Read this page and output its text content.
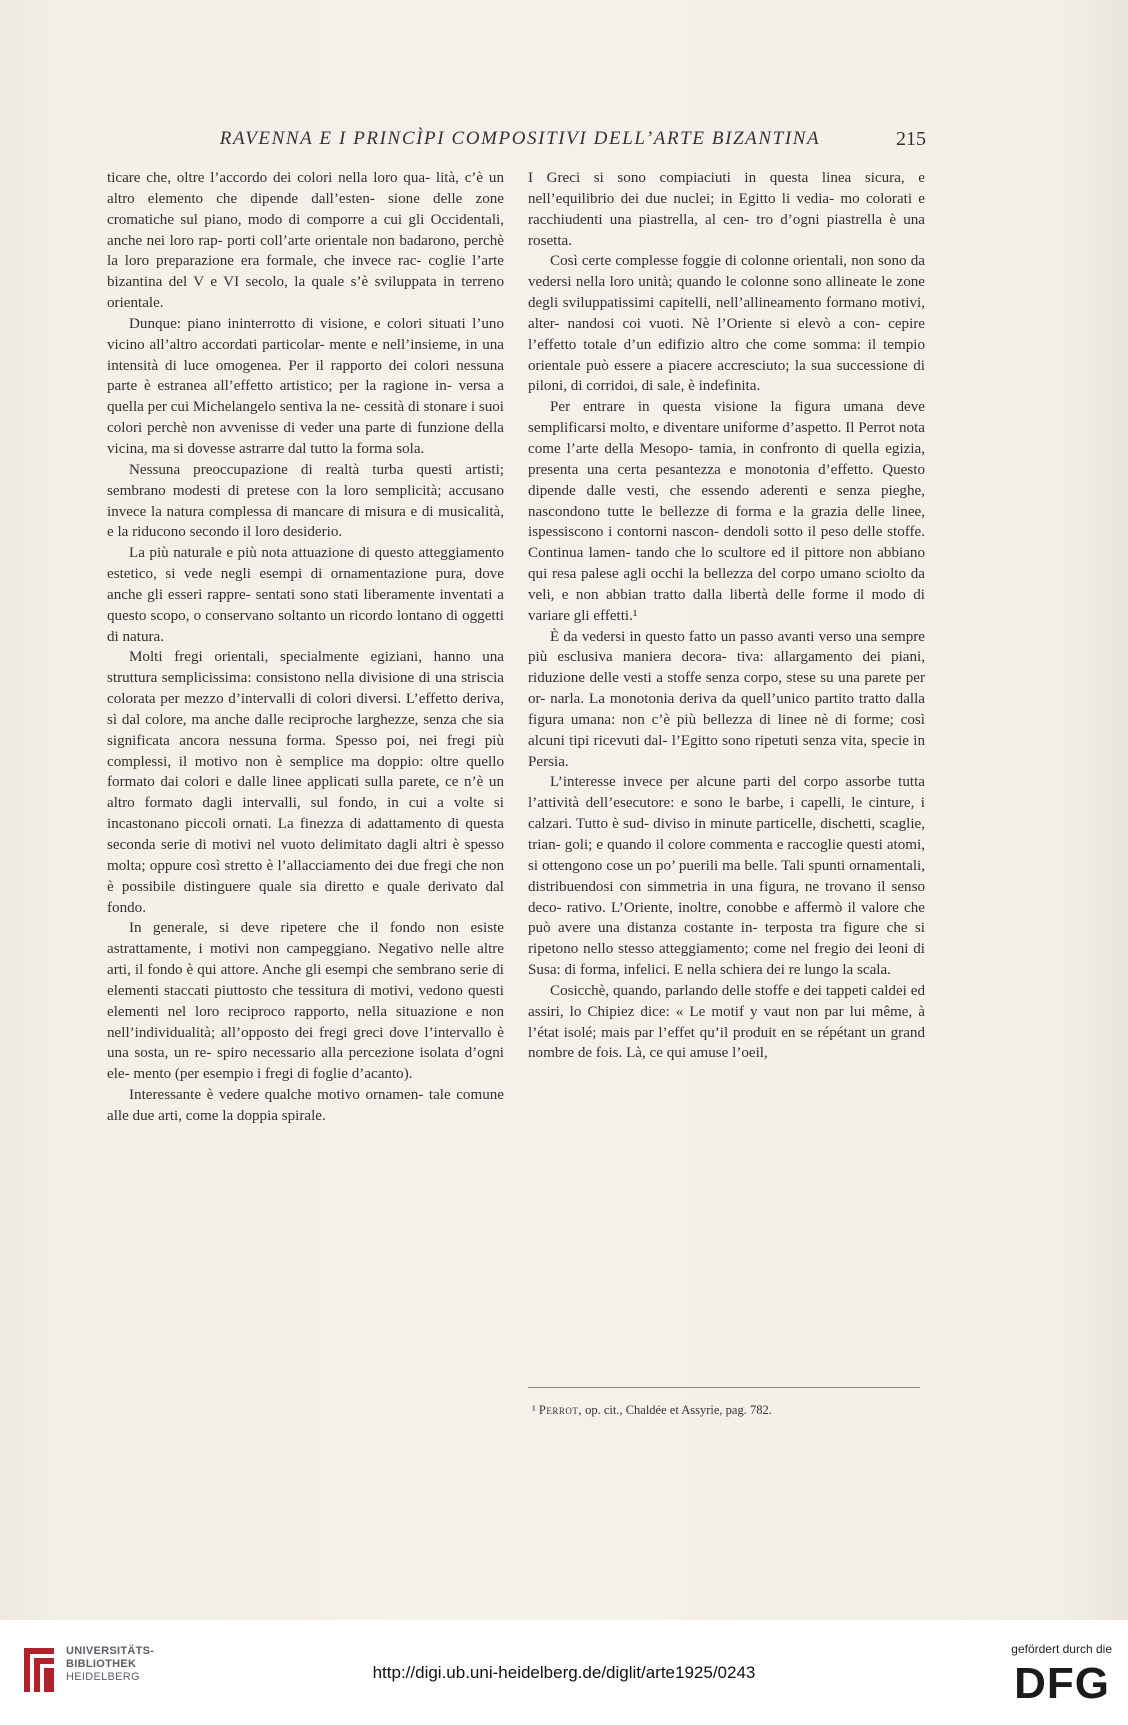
RAVENNA E I PRINCÌPI COMPOSITIVI DELL’ARTE BIZANTINA	215

ticare che, oltre l’accordo dei colori nella loro qua- lità, c’è un altro elemento che dipende dall’esten- sione delle zone cromatiche sul piano, modo di comporre a cui gli Occidentali, anche nei loro rap- porti coll’arte orientale non badarono, perchè la loro preparazione era formale, che invece rac- coglie l’arte bizantina del V e VI secolo, la quale s’è sviluppata in terreno orientale.

Dunque: piano ininterrotto di visione, e colori situati l’uno vicino all’altro accordati particolar- mente e nell’insieme, in una intensità di luce omogenea. Per il rapporto dei colori nessuna parte è estranea all’effetto artistico; per la ragione in- versa a quella per cui Michelangelo sentiva la ne- cessità di stonare i suoi colori perchè non avvenisse di veder una parte di funzione della vicina, ma si dovesse astrarre dal tutto la forma sola.

Nessuna preoccupazione di realtà turba questi artisti; sembrano modesti di pretese con la loro semplicità; accusano invece la natura complessa di mancare di misura e di musicalità, e la riducono secondo il loro desiderio.

La più naturale e più nota attuazione di questo atteggiamento estetico, si vede negli esempi di ornamentazione pura, dove anche gli esseri rappre- sentati sono stati liberamente inventati a questo scopo, o conservano soltanto un ricordo lontano di oggetti di natura.

Molti fregi orientali, specialmente egiziani, hanno una struttura semplicissima: consistono nella divisione di una striscia colorata per mezzo d’intervalli di colori diversi. L’effetto deriva, sì dal colore, ma anche dalle reciproche larghezze, senza che sia significata ancora nessuna forma. Spesso poi, nei fregi più complessi, il motivo non è semplice ma doppio: oltre quello formato dai colori e dalle linee applicati sulla parete, ce n’è un altro formato dagli intervalli, sul fondo, in cui a volte si incastonano piccoli ornati. La finezza di adattamento di questa seconda serie di motivi nel vuoto delimitato dagli altri è spesso molta; oppure così stretto è l’allacciamento dei due fregi che non è possibile distinguere quale sia diretto e quale derivato dal fondo.

In generale, si deve ripetere che il fondo non esiste astrattamente, i motivi non campeggiano. Negativo nelle altre arti, il fondo è qui attore. Anche gli esempi che sembrano serie di elementi staccati piuttosto che tessitura di motivi, vedono questi elementi nel loro reciproco rapporto, nella situazione e non nell’individualità; all’opposto dei fregi greci dove l’intervallo è una sosta, un re- spiro necessario alla percezione isolata d’ogni ele- mento (per esempio i fregi di foglie d’acanto).

Interessante è vedere qualche motivo ornamen- tale comune alle due arti, come la doppia spirale.

I Greci si sono compiaciuti in questa linea sicura, e nell’equilibrio dei due nuclei; in Egitto li vedia- mo colorati e racchiudenti una piastrella, al cen- tro d’ogni piastrella è una rosetta.

Così certe complesse foggie di colonne orientali, non sono da vedersi nella loro unità; quando le colonne sono allineate le zone degli sviluppatissimi capitelli, nell’allineamento formano motivi, alter- nandosi coi vuoti. Nè l’Oriente si elevò a con- cepire l’effetto totale d’un edifizio altro che come somma: il tempio orientale può essere a piacere accresciuto; la sua successione di piloni, di corridoi, di sale, è indefinita.

Per entrare in questa visione la figura umana deve semplificarsi molto, e diventare uniforme d’aspetto. Il Perrot nota come l’arte della Mesopo- tamia, in confronto di quella egizia, presenta una certa pesantezza e monotonia d’effetto. Questo dipende dalle vesti, che essendo aderenti e senza pieghe, nascondono tutte le bellezze di forma e la grazia delle linee, ispessiscono i contorni nascon- dendoli sotto il peso delle stoffe. Continua lamen- tando che lo scultore ed il pittore non abbiano qui resa palese agli occhi la bellezza del corpo umano sciolto da veli, e non abbian tratto dalla libertà delle forme il modo di variare gli effetti.¹

È da vedersi in questo fatto un passo avanti verso una sempre più esclusiva maniera decora- tiva: allargamento dei piani, riduzione delle vesti a stoffe senza corpo, stese su una parete per or- narla. La monotonia deriva da quell’unico partito tratto dalla figura umana: non c’è più bellezza di linee nè di forme; così alcuni tipi ricevuti dal- l’Egitto sono ripetuti senza vita, specie in Persia.

L’interesse invece per alcune parti del corpo assorbe tutta l’attività dell’esecutore: e sono le barbe, i capelli, le cinture, i calzari. Tutto è sud- diviso in minute particelle, dischetti, scaglie, trian- goli; e quando il colore commenta e raccoglie questi atomi, si ottengono cose un po’ puerili ma belle. Tali spunti ornamentali, distribuendosi con simmetria in una figura, ne trovano il senso deco- rativo. L’Oriente, inoltre, conobbe e affermò il valore che può avere una distanza costante in- terposta tra figure che si ripetono nello stesso atteggiamento; come nel fregio dei leoni di Susa: di forma, infelici. E nella schiera dei re lungo la scala.

Cosicchè, quando, parlando delle stoffe e dei tappeti caldei ed assiri, lo Chipiez dice: « Le motif y vaut non par lui même, à l’état isolé; mais par l’effet qu’il produit en se répétant un grand nombre de fois. Là, ce qui amuse l’oeil,

¹ Perrot, op. cit., Chaldée et Assyrie, pag. 782.
UNIVERSITÄTS-
BIBLIOTHEK
HEIDELBERG	http://digi.ub.uni-heidelberg.de/diglit/arte1925/0243
gefördert durch die
DFG
